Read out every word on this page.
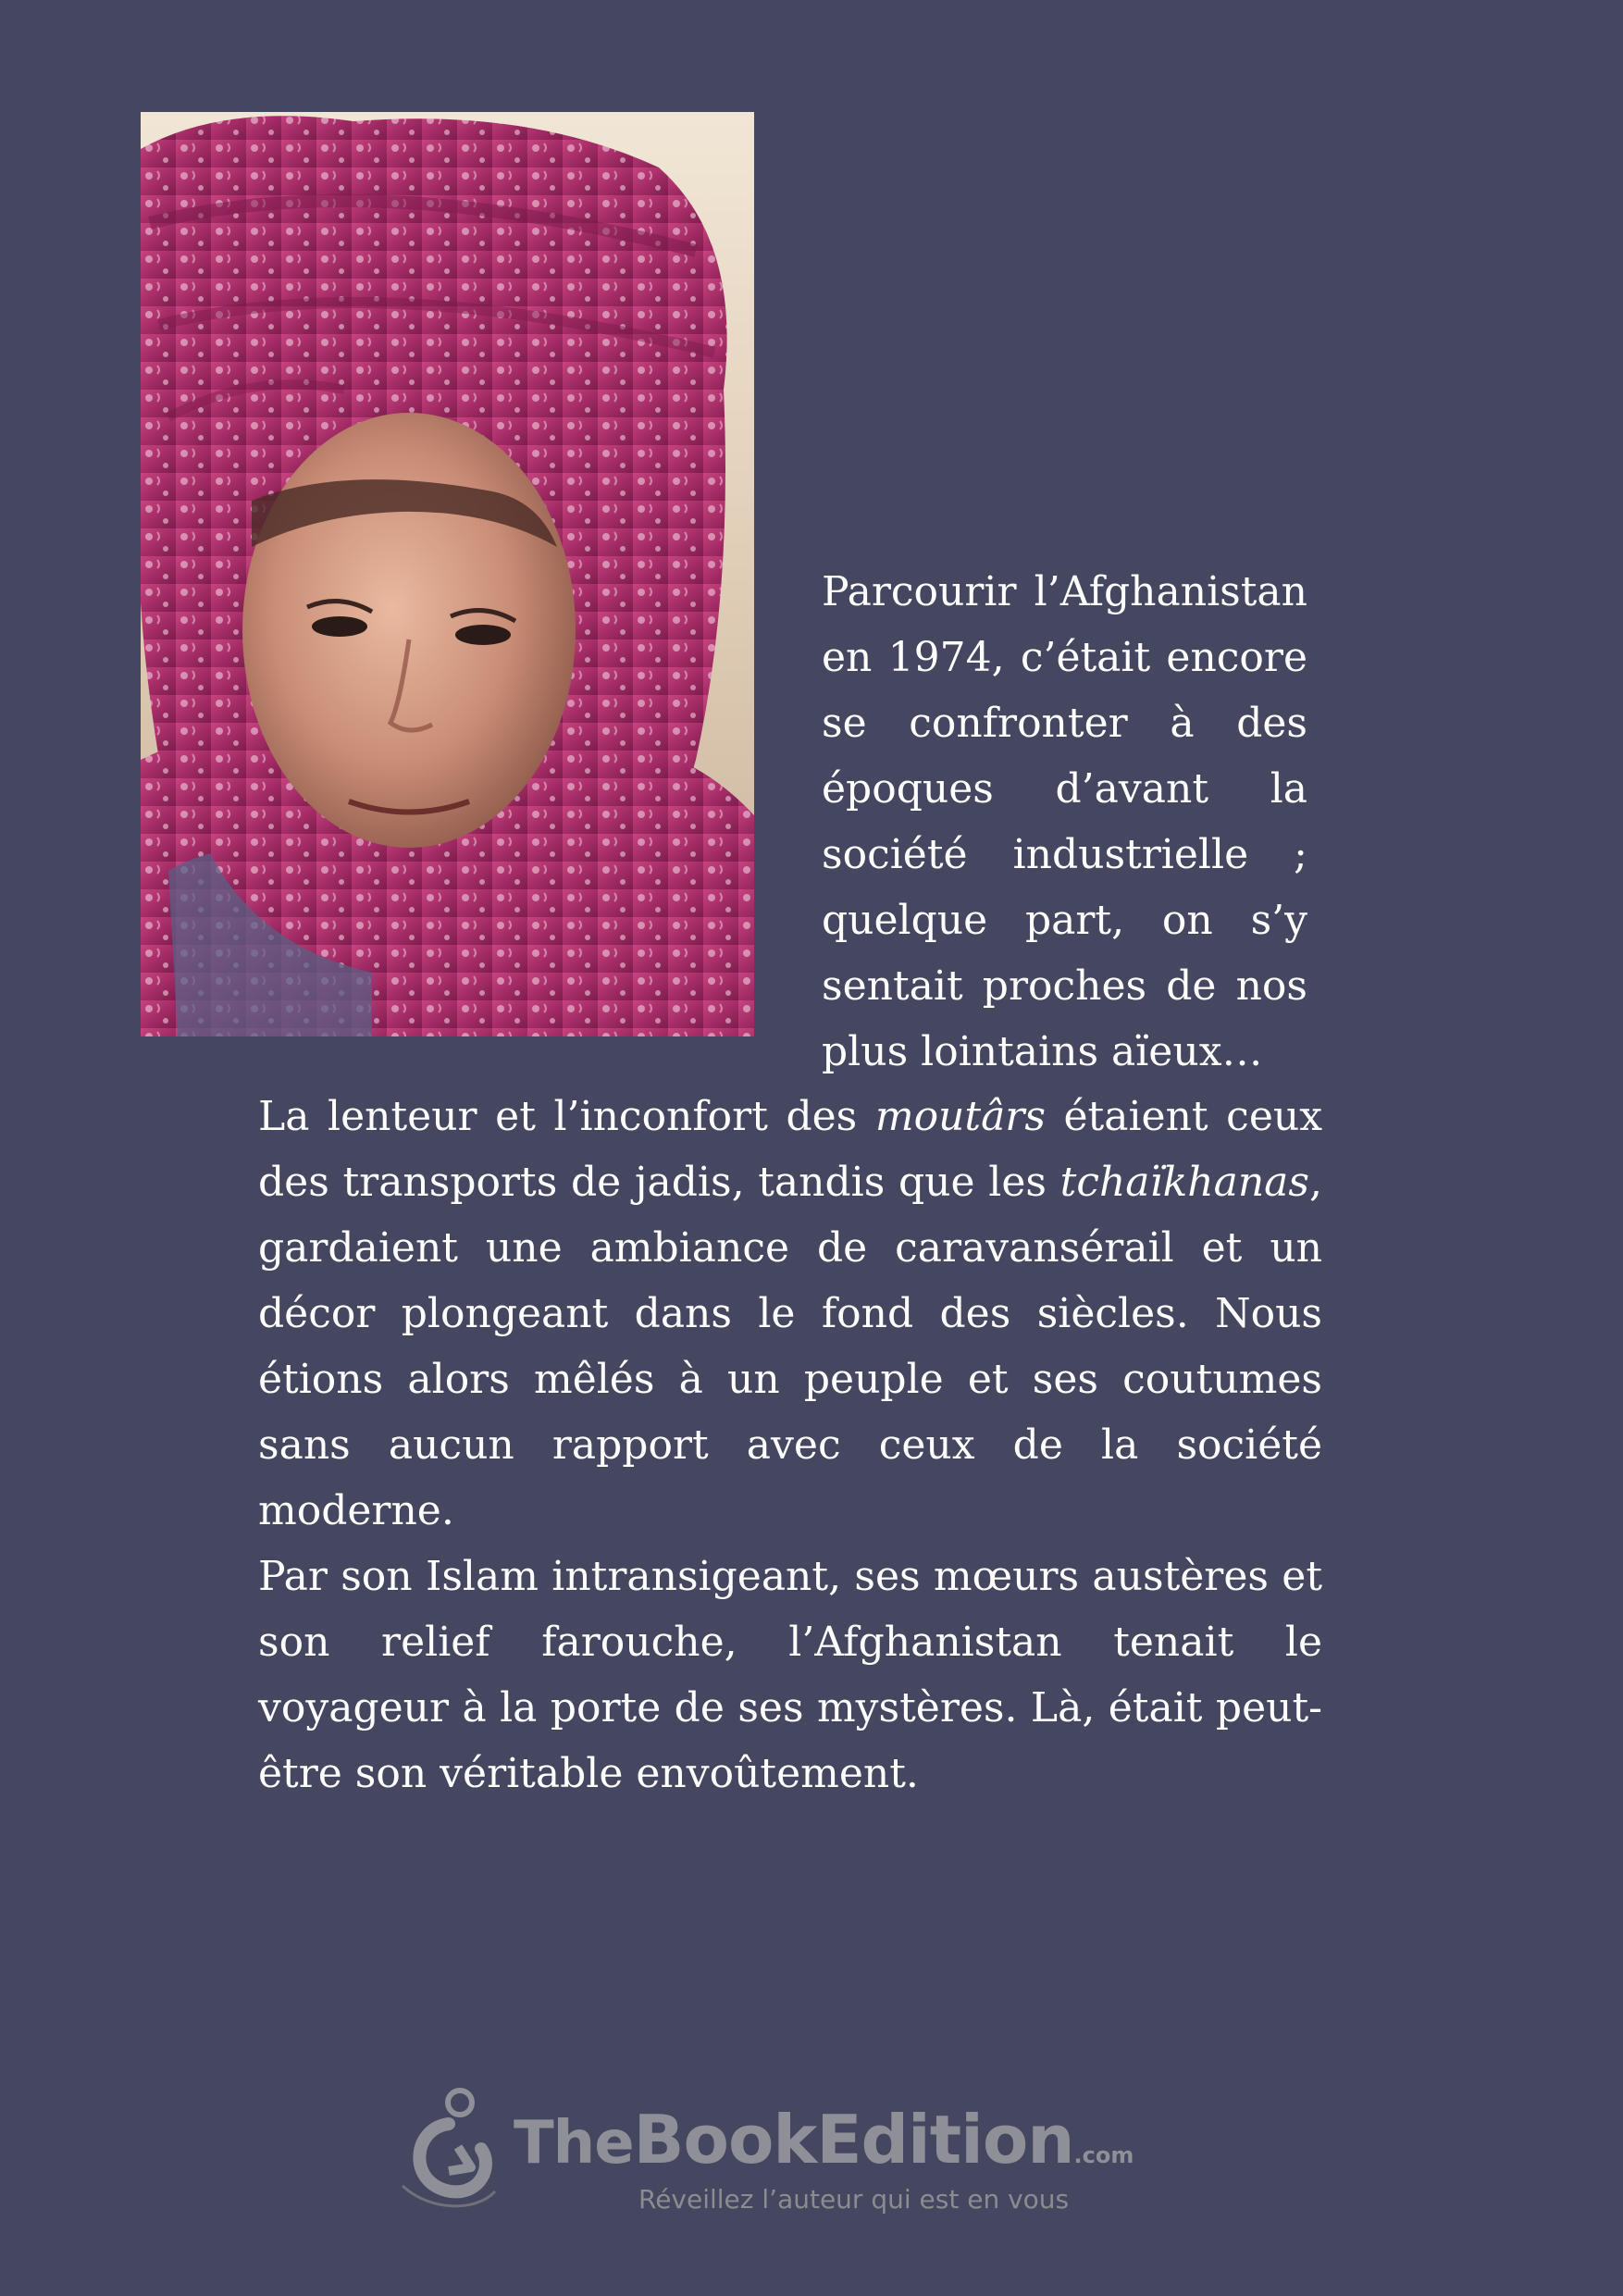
Parcourir l’Afghanistan en 1974, c’était encore se confronter à des époques d’avant la société industrielle ; quelque part, on s’y sentait proches de nos plus lointains aïeux…

La lenteur et l’inconfort des moutârs étaient ceux des transports de jadis, tandis que les tchaïkhanas, gardaient une ambiance de caravansérail et un décor plongeant dans le fond des siècles. Nous étions alors mêlés à un peuple et ses coutumes sans aucun rapport avec ceux de la société moderne.

Par son Islam intransigeant, ses mœurs austères et son relief farouche, l’Afghanistan tenait le voyageur à la porte de ses mystères. Là, était peut-être son véritable envoûtement.

TheBookEdition.com
Réveillez l’auteur qui est en vous
